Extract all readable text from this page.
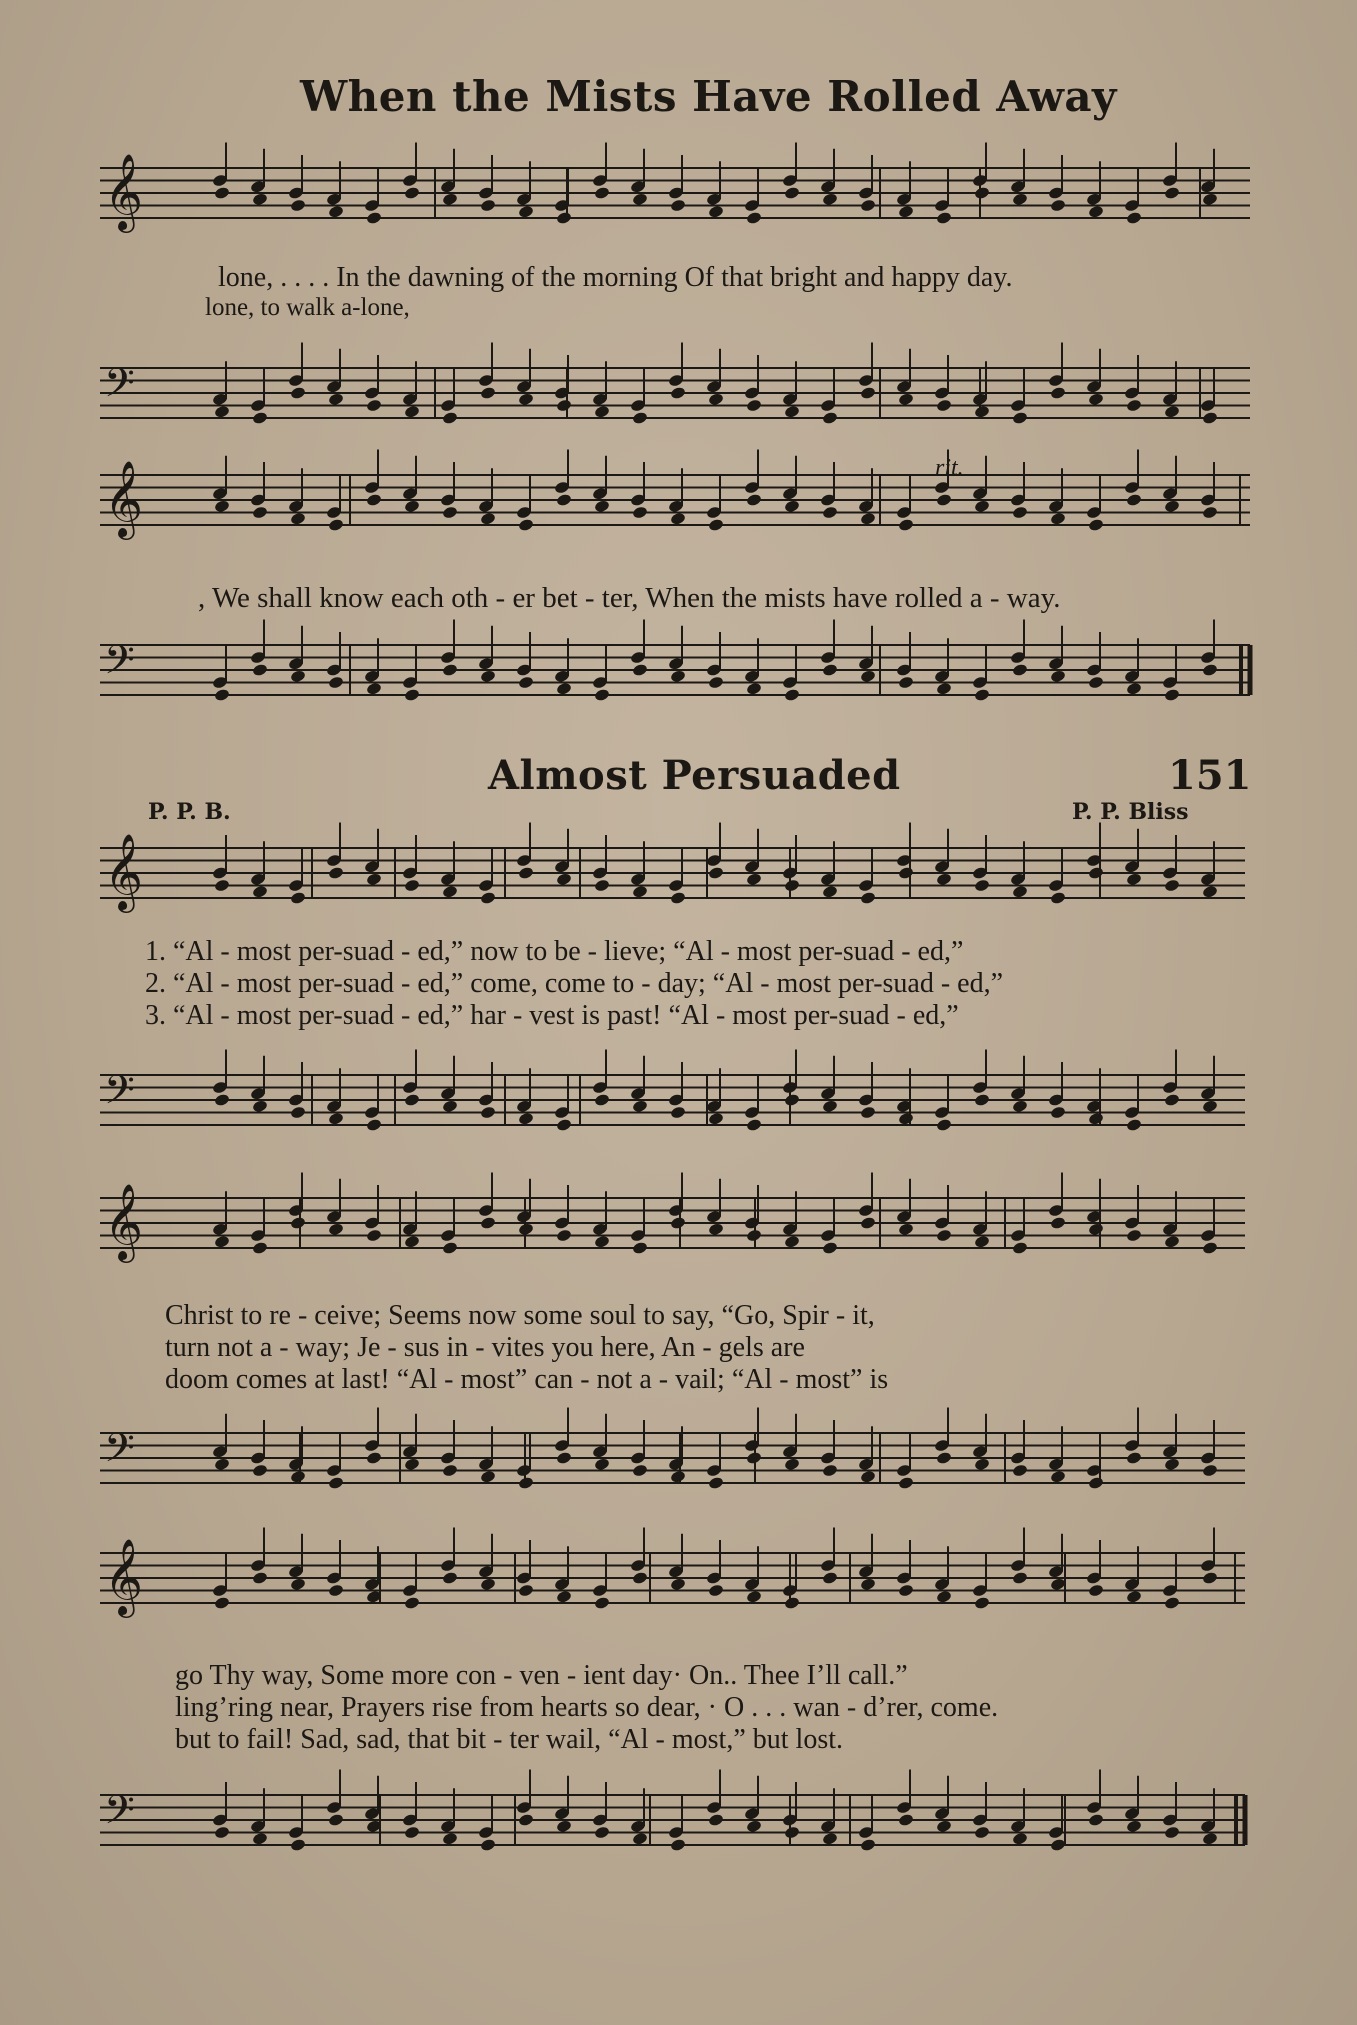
When the Mists Have Rolled Away
𝄞
𝄢
𝄞
𝄢
𝄞
𝄢
𝄞
𝄢
𝄞
𝄢
lone, . . . . In the dawning of the morning Of that bright and happy day.
lone, to walk a-lone,
rit.
, We shall know each oth - er bet - ter, When the mists have rolled a - way.
Almost Persuaded	151
P. P. B.	P. P. Bliss
1. “Al - most per-suad - ed,” now to be - lieve; “Al - most per-suad - ed,”
2. “Al - most per-suad - ed,” come, come to - day; “Al - most per-suad - ed,”
3. “Al - most per-suad - ed,” har - vest is past! “Al - most per-suad - ed,”
Christ to re - ceive; Seems now some soul to say, “Go, Spir - it,
turn not a - way; Je - sus in - vites you here, An - gels are
doom comes at last! “Al - most” can - not a - vail; “Al - most” is
go Thy way, Some more con - ven - ient day· On.. Thee I’ll call.”
ling’ring near, Prayers rise from hearts so dear, · O . . . wan - d’rer, come.
but to fail! Sad, sad, that bit - ter wail, “Al - most,” but lost.
